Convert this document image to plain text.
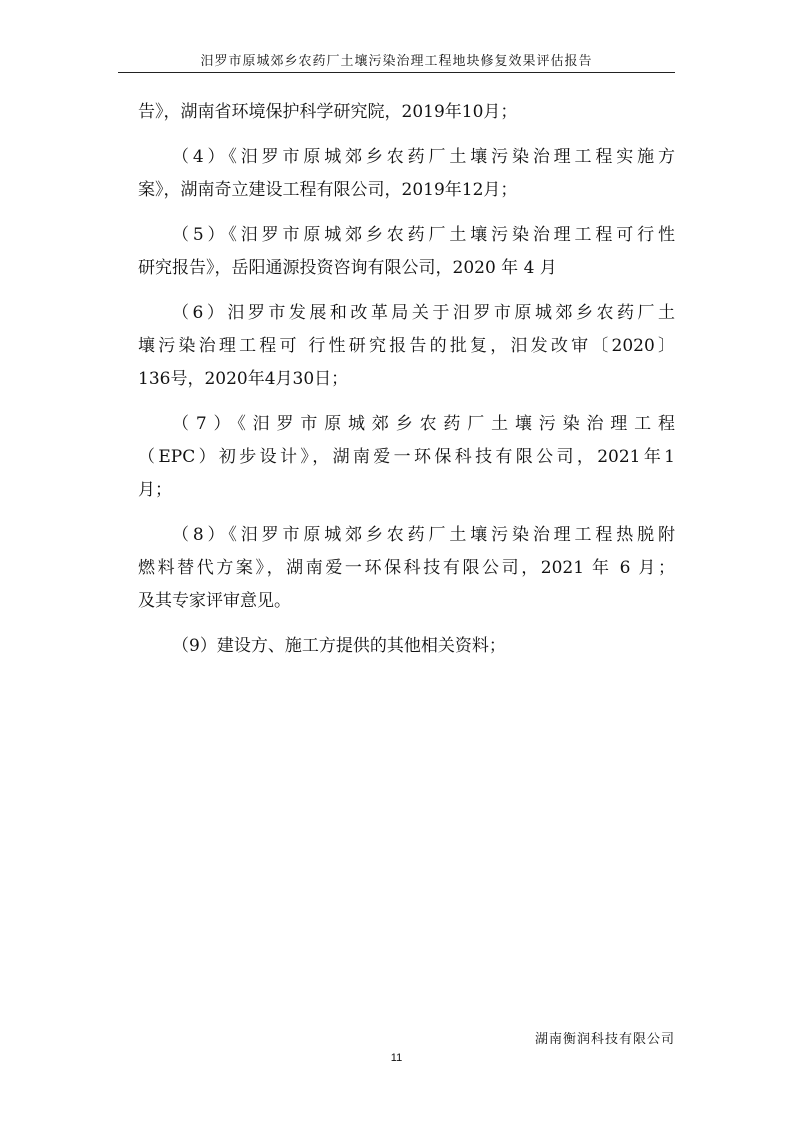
汨罗市原城郊乡农药厂土壤污染治理工程地块修复效果评估报告

告》，湖南省环境保护科学研究院，2019年10月；

（4）《汨罗市原城郊乡农药厂土壤污染治理工程实施方
案》，湖南奇立建设工程有限公司，2019年12月；

（5）《汨罗市原城郊乡农药厂土壤污染治理工程可行性
研究报告》，岳阳通源投资咨询有限公司，2020 年 4 月

（6）汨罗市发展和改革局关于汨罗市原城郊乡农药厂土
壤污染治理工程可 行性研究报告的批复，汨发改审〔2020〕
136号，2020年4月30日；

（7）《汨罗市原城郊乡农药厂土壤污染治理工程
（EPC）初步设计》，湖南爱一环保科技有限公司，2021年1
月；

（8）《汨罗市原城郊乡农药厂土壤污染治理工程热脱附
燃料替代方案》，湖南爱一环保科技有限公司，2021 年 6 月；
及其专家评审意见。

（9）建设方、施工方提供的其他相关资料；

湖南衡润科技有限公司
11
